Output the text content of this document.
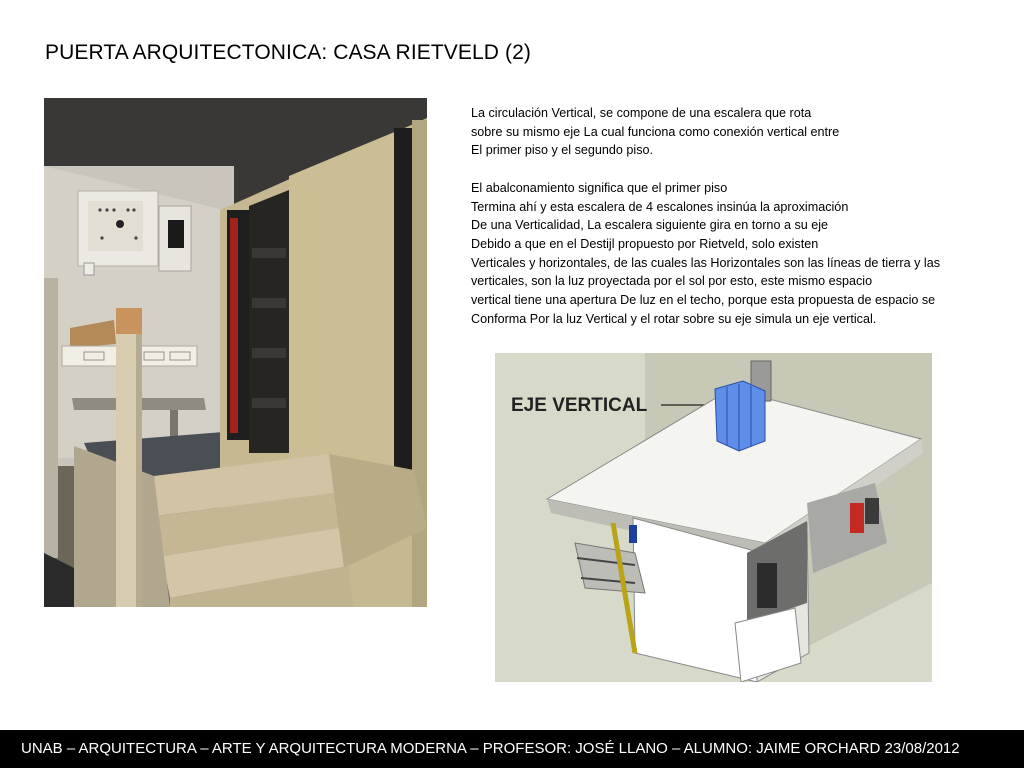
PUERTA ARQUITECTONICA: CASA RIETVELD (2)

La circulación Vertical, se compone de una escalera que rota

sobre su mismo eje La cual funciona como conexión vertical entre

El primer piso y el segundo piso.

El abalconamiento significa que el primer piso

Termina ahí y esta escalera de 4 escalones insinúa la aproximación

De una Verticalidad, La escalera siguiente gira en torno a su eje

Debido a que en el Destijl propuesto por Rietveld, solo existen

Verticales y horizontales, de las cuales las Horizontales son las líneas de tierra y las

verticales, son la luz proyectada por el sol por esto, este mismo espacio

vertical tiene una apertura De luz en el techo, porque esta propuesta de espacio se

Conforma Por la luz Vertical y el rotar sobre su eje simula un eje vertical.

EJE VERTICAL
UNAB – ARQUITECTURA – ARTE Y ARQUITECTURA MODERNA – PROFESOR: JOSÉ LLANO – ALUMNO: JAIME ORCHARD 23/08/2012
